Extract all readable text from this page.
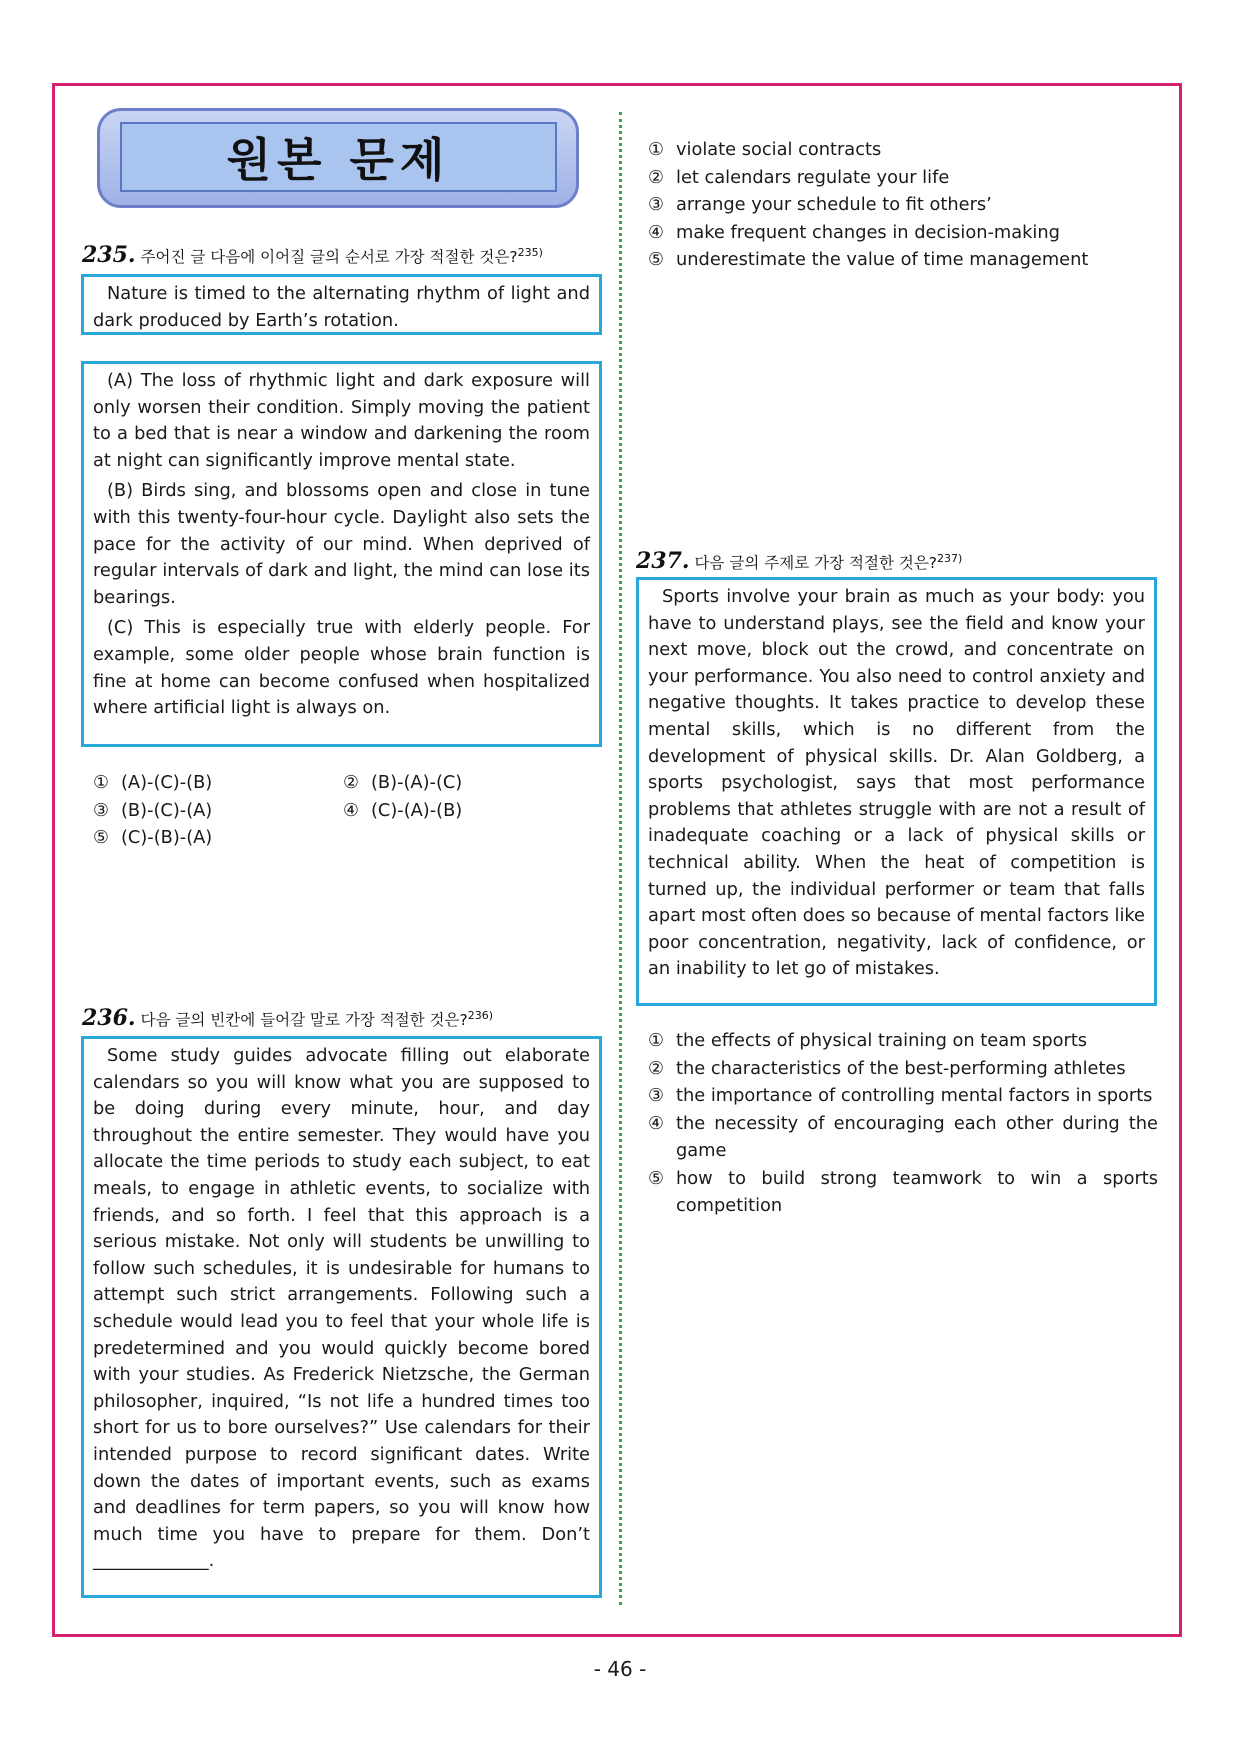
원본 문제
235. 주어진 글 다음에 이어질 글의 순서로 가장 적절한 것은?$^{235)}$

Nature is timed to the alternating rhythm of light and dark produced by Earth’s rotation.

(A) The loss of rhythmic light and dark exposure will only worsen their condition. Simply moving the patient to a bed that is near a window and darkening the room at night can significantly improve mental state.

(B) Birds sing, and blossoms open and close in tune with this twenty-four-hour cycle. Daylight also sets the pace for the activity of our mind. When deprived of regular intervals of dark and light, the mind can lose its bearings.

(C) This is especially true with elderly people. For example, some older people whose brain function is fine at home can become confused when hospitalized where artificial light is always on.

① (A)-(C)-(B)	② (B)-(A)-(C)
③ (B)-(C)-(A)	④ (C)-(A)-(B)
⑤ (C)-(B)-(A)
236. 다음 글의 빈칸에 들어갈 말로 가장 적절한 것은?$^{236)}$

Some study guides advocate filling out elaborate calendars so you will know what you are supposed to be doing during every minute, hour, and day throughout the entire semester. They would have you allocate the time periods to study each subject, to eat meals, to engage in athletic events, to socialize with friends, and so forth. I feel that this approach is a serious mistake. Not only will students be unwilling to follow such schedules, it is undesirable for humans to attempt such strict arrangements. Following such a schedule would lead you to feel that your whole life is predetermined and you would quickly become bored with your studies. As Frederick Nietzsche, the German philosopher, inquired, “Is not life a hundred times too short for us to bore ourselves?” Use calendars for their intended purpose to record significant dates. Write down the dates of important events, such as exams and deadlines for term papers, so you will know how much time you have to prepare for them. Don’t _____________.

① violate social contracts
② let calendars regulate your life
③ arrange your schedule to fit others’
④ make frequent changes in decision-making
⑤ underestimate the value of time management
237. 다음 글의 주제로 가장 적절한 것은?$^{237)}$

Sports involve your brain as much as your body: you have to understand plays, see the field and know your next move, block out the crowd, and concentrate on your performance. You also need to control anxiety and negative thoughts. It takes practice to develop these mental skills, which is no different from the development of physical skills. Dr. Alan Goldberg, a sports psychologist, says that most performance problems that athletes struggle with are not a result of inadequate coaching or a lack of physical skills or technical ability. When the heat of competition is turned up, the individual performer or team that falls apart most often does so because of mental factors like poor concentration, negativity, lack of confidence, or an inability to let go of mistakes.

① the effects of physical training on team sports
② the characteristics of the best-performing athletes
③ the importance of controlling mental factors in sports
④ the necessity of encouraging each other during the game
⑤ how to build strong teamwork to win a sports competition
- 46 -
